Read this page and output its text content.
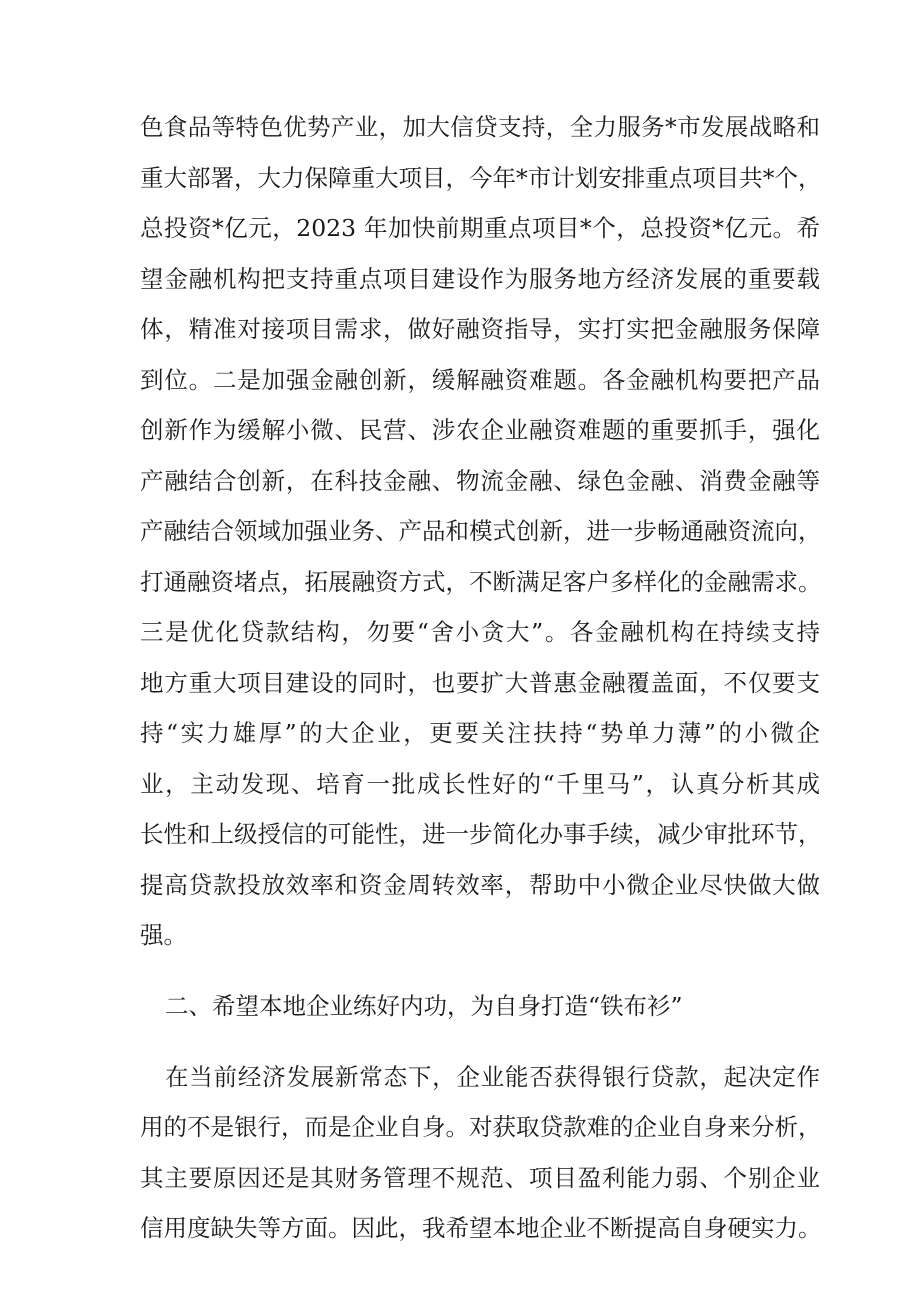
色食品等特色优势产业，加大信贷支持，全力服务*市发展战略和
重大部署，大力保障重大项目，今年*市计划安排重点项目共*个，
总投资*亿元，2023 年加快前期重点项目*个，总投资*亿元。希
望金融机构把支持重点项目建设作为服务地方经济发展的重要载
体，精准对接项目需求，做好融资指导，实打实把金融服务保障
到位。二是加强金融创新，缓解融资难题。各金融机构要把产品
创新作为缓解小微、民营、涉农企业融资难题的重要抓手，强化
产融结合创新，在科技金融、物流金融、绿色金融、消费金融等
产融结合领域加强业务、产品和模式创新，进一步畅通融资流向，
打通融资堵点，拓展融资方式，不断满足客户多样化的金融需求。
三是优化贷款结构，勿要“舍小贪大”。各金融机构在持续支持
地方重大项目建设的同时，也要扩大普惠金融覆盖面，不仅要支
持“实力雄厚”的大企业，更要关注扶持“势单力薄”的小微企
业，主动发现、培育一批成长性好的“千里马”，认真分析其成
长性和上级授信的可能性，进一步简化办事手续，减少审批环节，
提高贷款投放效率和资金周转效率，帮助中小微企业尽快做大做
强。
二、希望本地企业练好内功，为自身打造“铁布衫”
在当前经济发展新常态下，企业能否获得银行贷款，起决定作
用的不是银行，而是企业自身。对获取贷款难的企业自身来分析，
其主要原因还是其财务管理不规范、项目盈利能力弱、个别企业
信用度缺失等方面。因此，我希望本地企业不断提高自身硬实力。
